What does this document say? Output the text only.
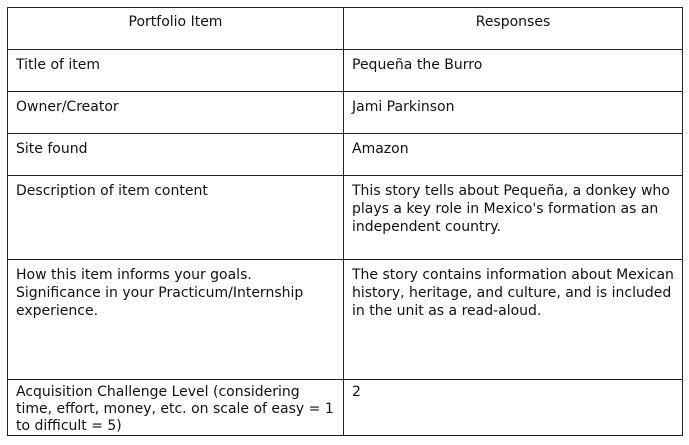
Portfolio Item	Responses
Title of item	Pequeña the Burro
Owner/Creator	Jami Parkinson
Site found	Amazon
Description of item content	This story tells about Pequeña, a donkey who plays a key role in Mexico's formation as an independent country.
How this item informs your goals. Significance in your Practicum/Internship experience.	The story contains information about Mexican history, heritage, and culture, and is included in the unit as a read-aloud.
Acquisition Challenge Level (considering time, effort, money, etc. on scale of easy = 1 to difficult = 5)	2
